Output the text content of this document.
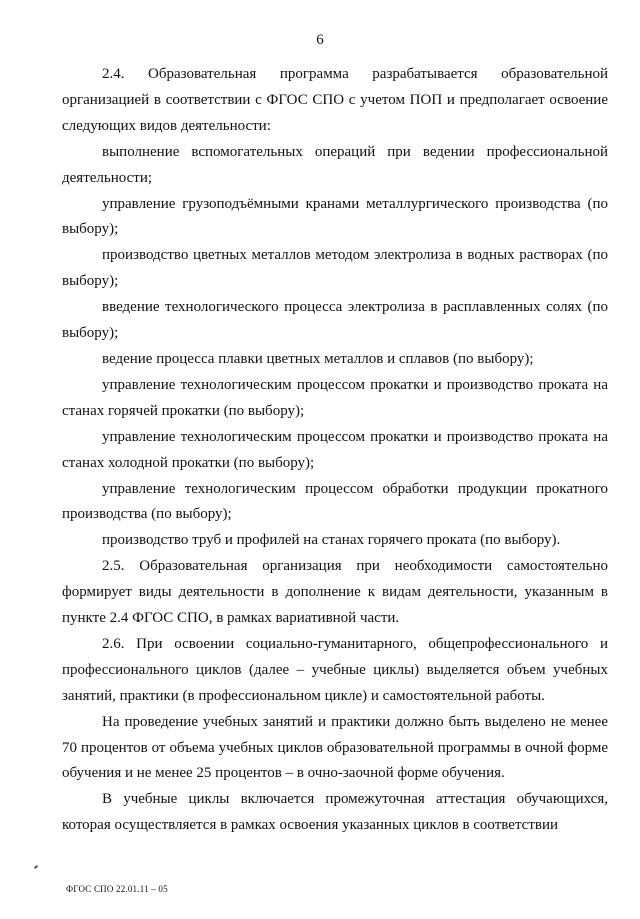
6

2.4. Образовательная программа разрабатывается образовательной организацией в соответствии с ФГОС СПО с учетом ПОП и предполагает освоение следующих видов деятельности:

выполнение вспомогательных операций при ведении профессиональной деятельности;

управление грузоподъёмными кранами металлургического производства (по выбору);

производство цветных металлов методом электролиза в водных растворах (по выбору);

введение технологического процесса электролиза в расплавленных солях (по выбору);

ведение процесса плавки цветных металлов и сплавов (по выбору);

управление технологическим процессом прокатки и производство проката на станах горячей прокатки (по выбору);

управление технологическим процессом прокатки и производство проката на станах холодной прокатки (по выбору);

управление технологическим процессом обработки продукции прокатного производства (по выбору);

производство труб и профилей на станах горячего проката (по выбору).

2.5. Образовательная организация при необходимости самостоятельно формирует виды деятельности в дополнение к видам деятельности, указанным в пункте 2.4 ФГОС СПО, в рамках вариативной части.

2.6. При освоении социально-гуманитарного, общепрофессионального и профессионального циклов (далее – учебные циклы) выделяется объем учебных занятий, практики (в профессиональном цикле) и самостоятельной работы.

На проведение учебных занятий и практики должно быть выделено не менее 70 процентов от объема учебных циклов образовательной программы в очной форме обучения и не менее 25 процентов – в очно-заочной форме обучения.

В учебные циклы включается промежуточная аттестация обучающихся, которая осуществляется в рамках освоения указанных циклов в соответствии

ФГОС СПО 22.01.11 – 05
